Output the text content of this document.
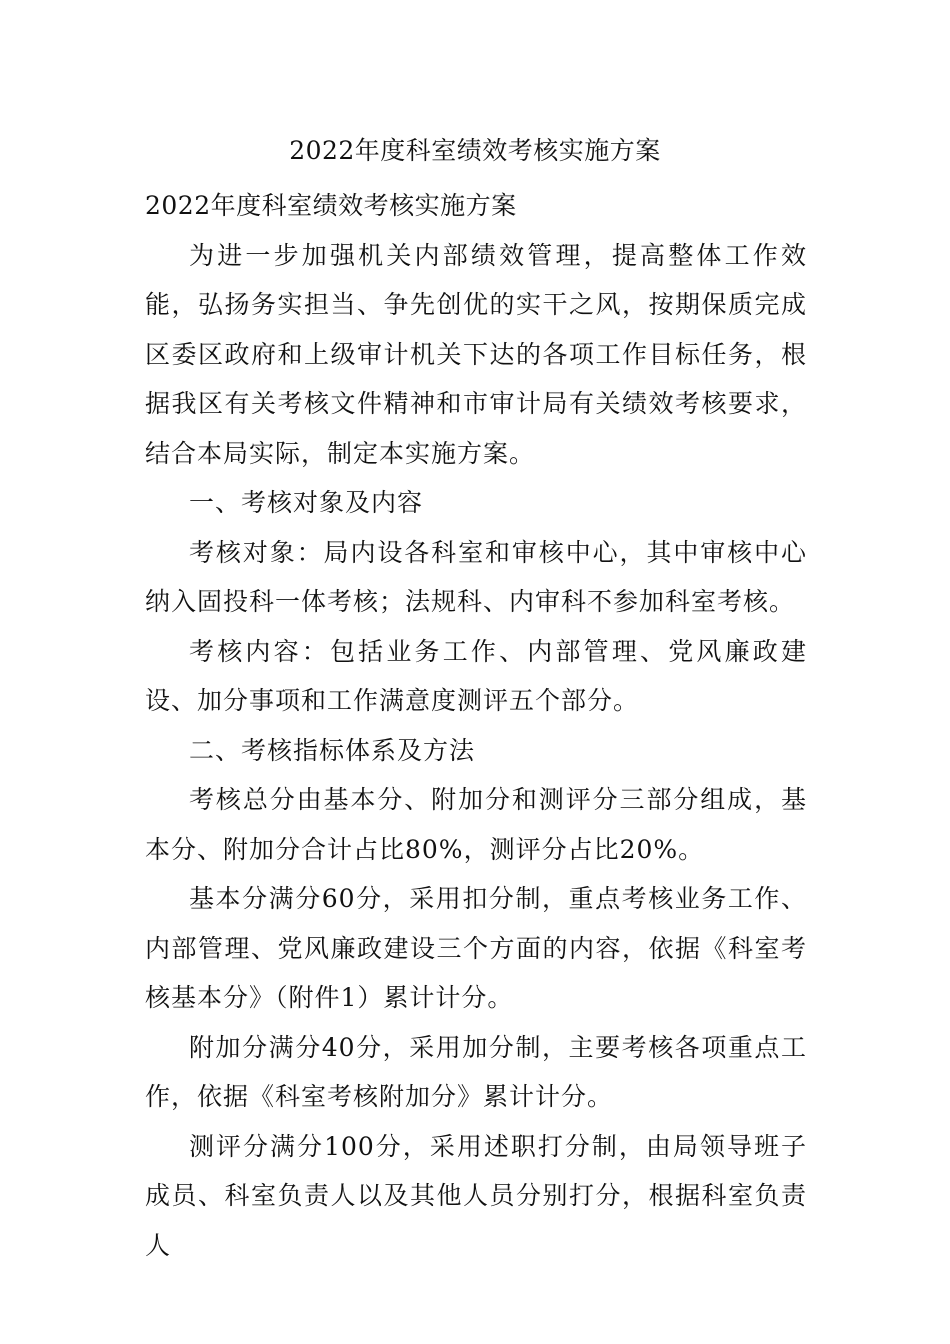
2022年度科室绩效考核实施方案

2022年度科室绩效考核实施方案

为进一步加强机关内部绩效管理，提高整体工作效能，弘扬务实担当、争先创优的实干之风，按期保质完成区委区政府和上级审计机关下达的各项工作目标任务，根据我区有关考核文件精神和市审计局有关绩效考核要求，结合本局实际，制定本实施方案。

一、考核对象及内容

考核对象：局内设各科室和审核中心，其中审核中心纳入固投科一体考核；法规科、内审科不参加科室考核。

考核内容：包括业务工作、内部管理、党风廉政建设、加分事项和工作满意度测评五个部分。

二、考核指标体系及方法

考核总分由基本分、附加分和测评分三部分组成，基本分、附加分合计占比80%，测评分占比20%。

基本分满分60分，采用扣分制，重点考核业务工作、内部管理、党风廉政建设三个方面的内容，依据《科室考核基本分》（附件1）累计计分。

附加分满分40分，采用加分制，主要考核各项重点工作，依据《科室考核附加分》累计计分。

测评分满分100分，采用述职打分制，由局领导班子成员、科室负责人以及其他人员分别打分，根据科室负责人
